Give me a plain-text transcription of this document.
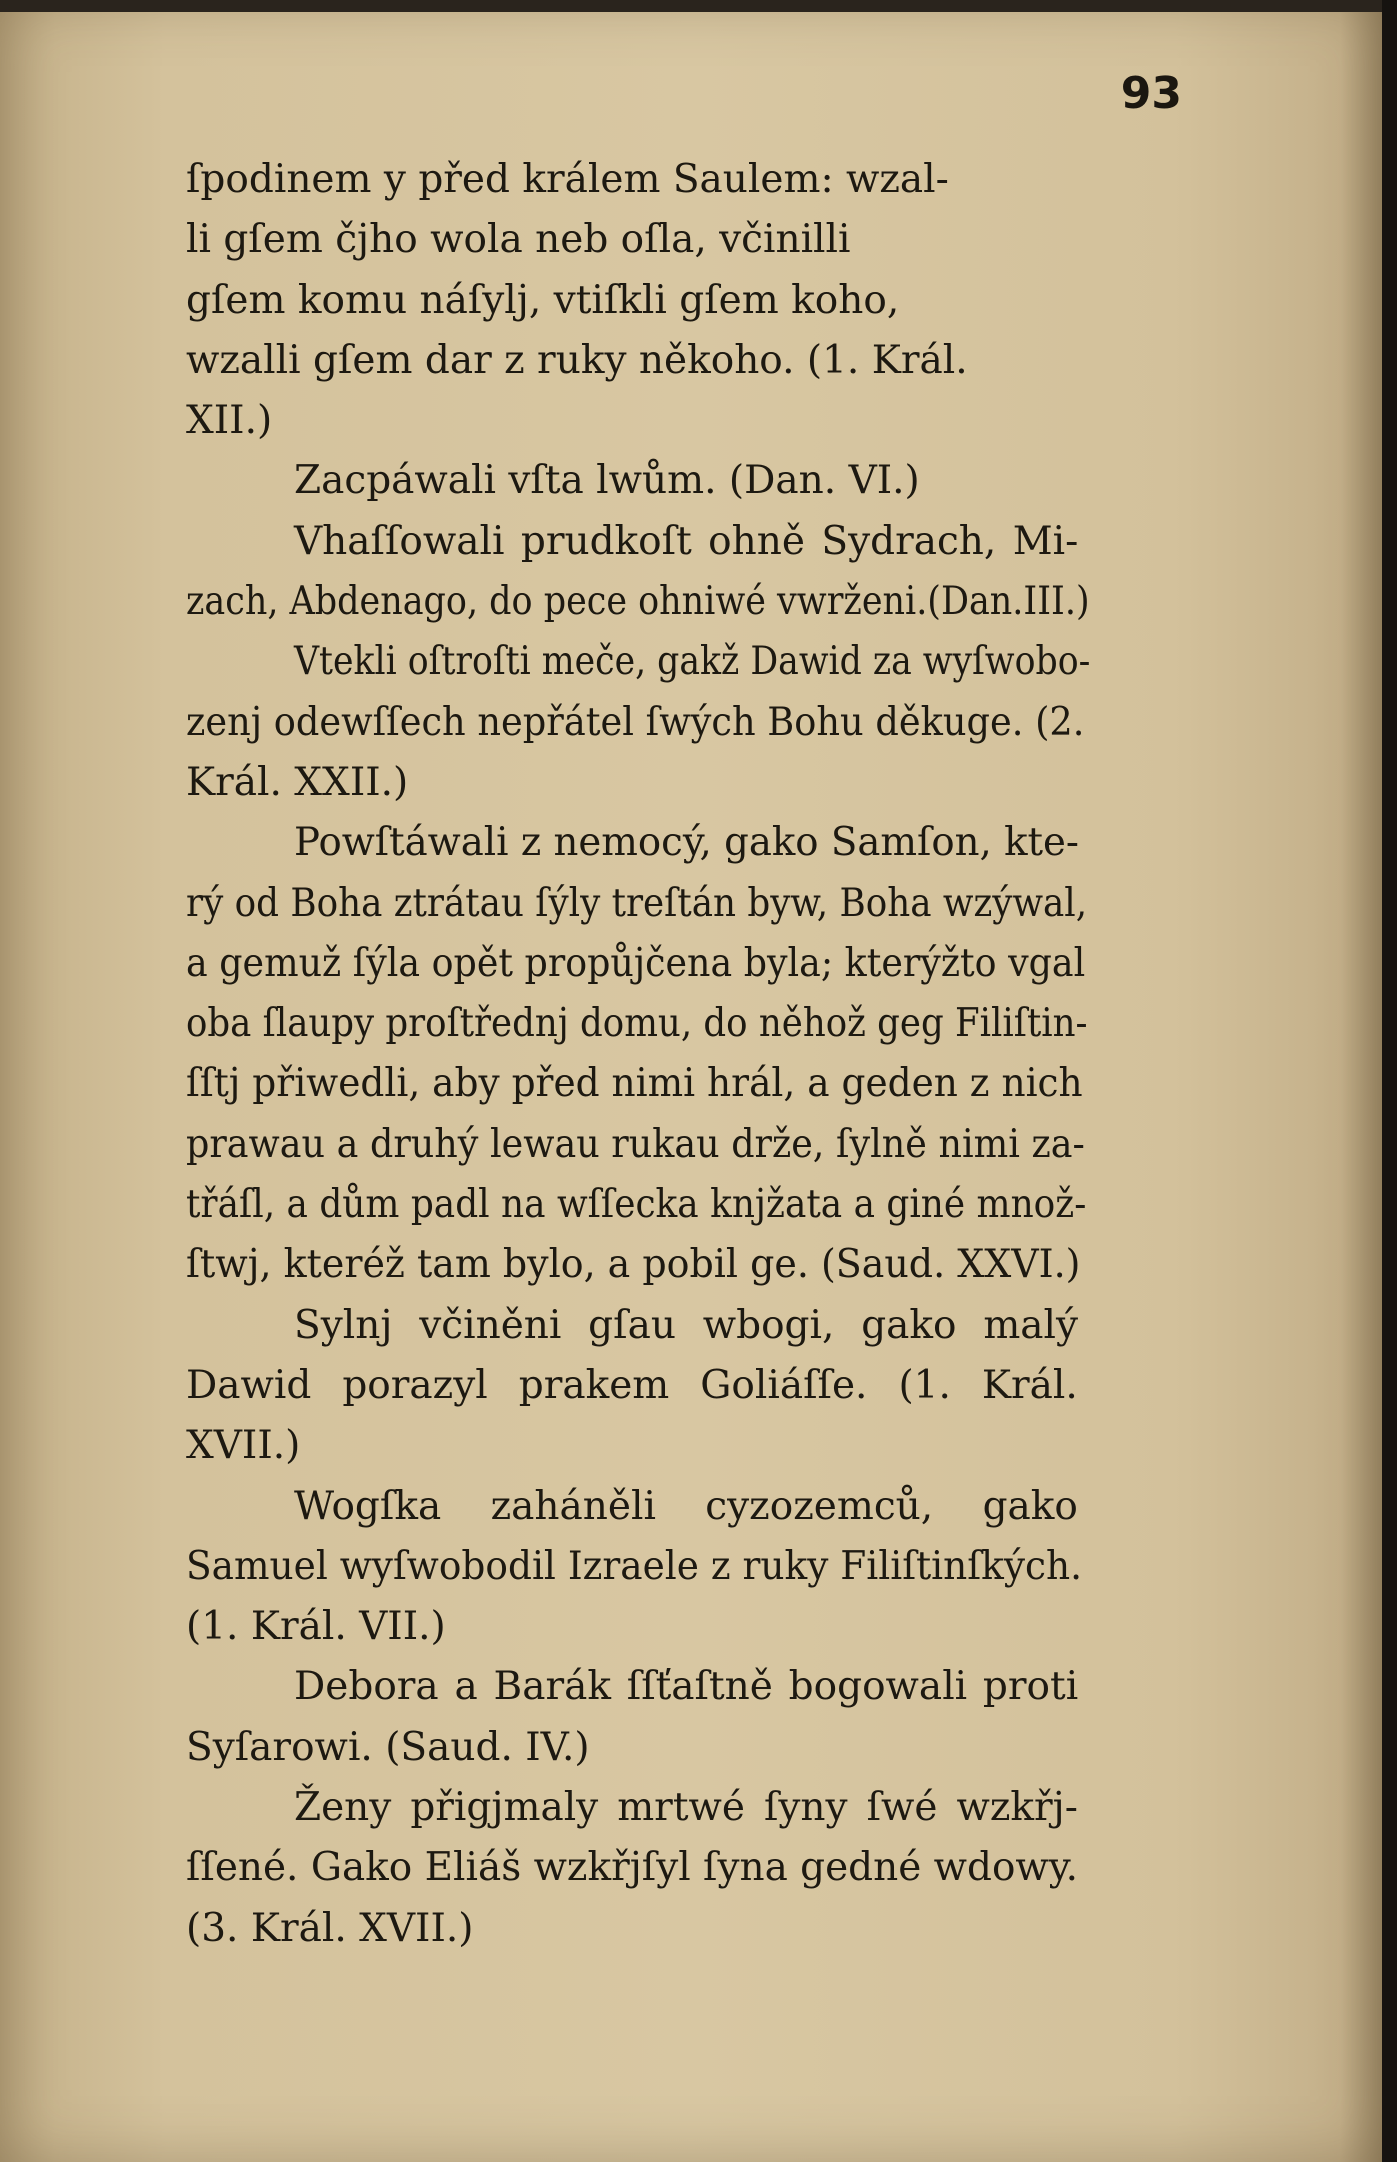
93

ſpodinem y před králem Saulem: wzal-
li gſem čjho wola neb oſla, včinilli
gſem komu náſylj, vtiſkli gſem koho,
wzalli gſem dar z ruky někoho. (1. Král.
XII.)

Zacpáwali vſta lwům. (Dan. VI.)

Vhaſſowali prudkoſt ohně Sydrach, Mi-
zach, Abdenago, do pece ohniwé vwrženi.(Dan.III.)

Vtekli oſtroſti meče, gakž Dawid za wyſwobo-
zenj odewſſech nepřátel ſwých Bohu děkuge. (2.
Král. XXII.)

Powſtáwali z nemocý, gako Samſon, kte-
rý od Boha ztrátau ſýly treſtán byw, Boha wzýwal,
a gemuž ſýla opět propůjčena byla; kterýžto vgal
oba ſlaupy proſtřednj domu, do něhož geg Filiſtin-
ſſtj přiwedli, aby před nimi hrál, a geden z nich
prawau a druhý lewau rukau drže, ſylně nimi za-
třáſl, a dům padl na wſſecka knjžata a giné množ-
ſtwj, kteréž tam bylo, a pobil ge. (Saud. XXVI.)

Sylnj včiněni gſau wbogi, gako malý
Dawid porazyl prakem Goliáſſe. (1. Král.
XVII.)

Wogſka zaháněli cyzozemců, gako
Samuel wyſwobodil Izraele z ruky Filiſtinſkých.
(1. Král. VII.)

Debora a Barák ſſťaſtně bogowali proti
Syſarowi. (Saud. IV.)

Ženy přigjmaly mrtwé ſyny ſwé wzkřj-
ſſené. Gako Eliáš wzkřjſyl ſyna gedné wdowy.
(3. Král. XVII.)
